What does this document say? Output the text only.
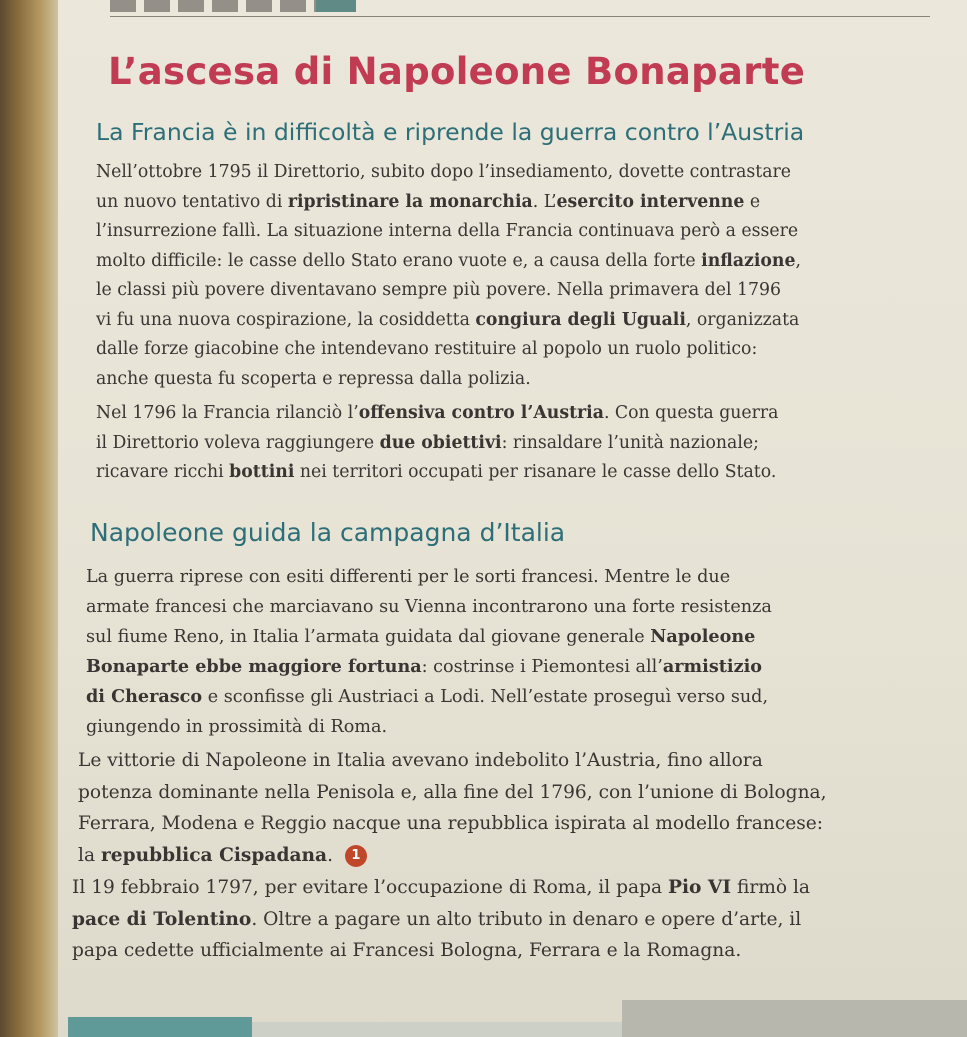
L’ascesa di Napoleone Bonaparte
La Francia è in difficoltà e riprende la guerra contro l’Austria
Nell’ottobre 1795 il Direttorio, subito dopo l’insediamento, dovette contrastare
un nuovo tentativo di ripristinare la monarchia. L’esercito intervenne e
l’insurrezione fallì. La situazione interna della Francia continuava però a essere
molto difficile: le casse dello Stato erano vuote e, a causa della forte inflazione,
le classi più povere diventavano sempre più povere. Nella primavera del 1796
vi fu una nuova cospirazione, la cosiddetta congiura degli Uguali, organizzata
dalle forze giacobine che intendevano restituire al popolo un ruolo politico:
anche questa fu scoperta e repressa dalla polizia.
Nel 1796 la Francia rilanciò l’offensiva contro l’Austria. Con questa guerra
il Direttorio voleva raggiungere due obiettivi: rinsaldare l’unità nazionale;
ricavare ricchi bottini nei territori occupati per risanare le casse dello Stato.
Napoleone guida la campagna d’Italia
La guerra riprese con esiti differenti per le sorti francesi. Mentre le due
armate francesi che marciavano su Vienna incontrarono una forte resistenza
sul fiume Reno, in Italia l’armata guidata dal giovane generale Napoleone
Bonaparte ebbe maggiore fortuna: costrinse i Piemontesi all’armistizio
di Cherasco e sconfisse gli Austriaci a Lodi. Nell’estate proseguì verso sud,
giungendo in prossimità di Roma.
Le vittorie di Napoleone in Italia avevano indebolito l’Austria, fino allora
potenza dominante nella Penisola e, alla fine del 1796, con l’unione di Bologna,
Ferrara, Modena e Reggio nacque una repubblica ispirata al modello francese:
la repubblica Cispadana. 1
Il 19 febbraio 1797, per evitare l’occupazione di Roma, il papa Pio VI firmò la
pace di Tolentino. Oltre a pagare un alto tributo in denaro e opere d’arte, il
papa cedette ufficialmente ai Francesi Bologna, Ferrara e la Romagna.
